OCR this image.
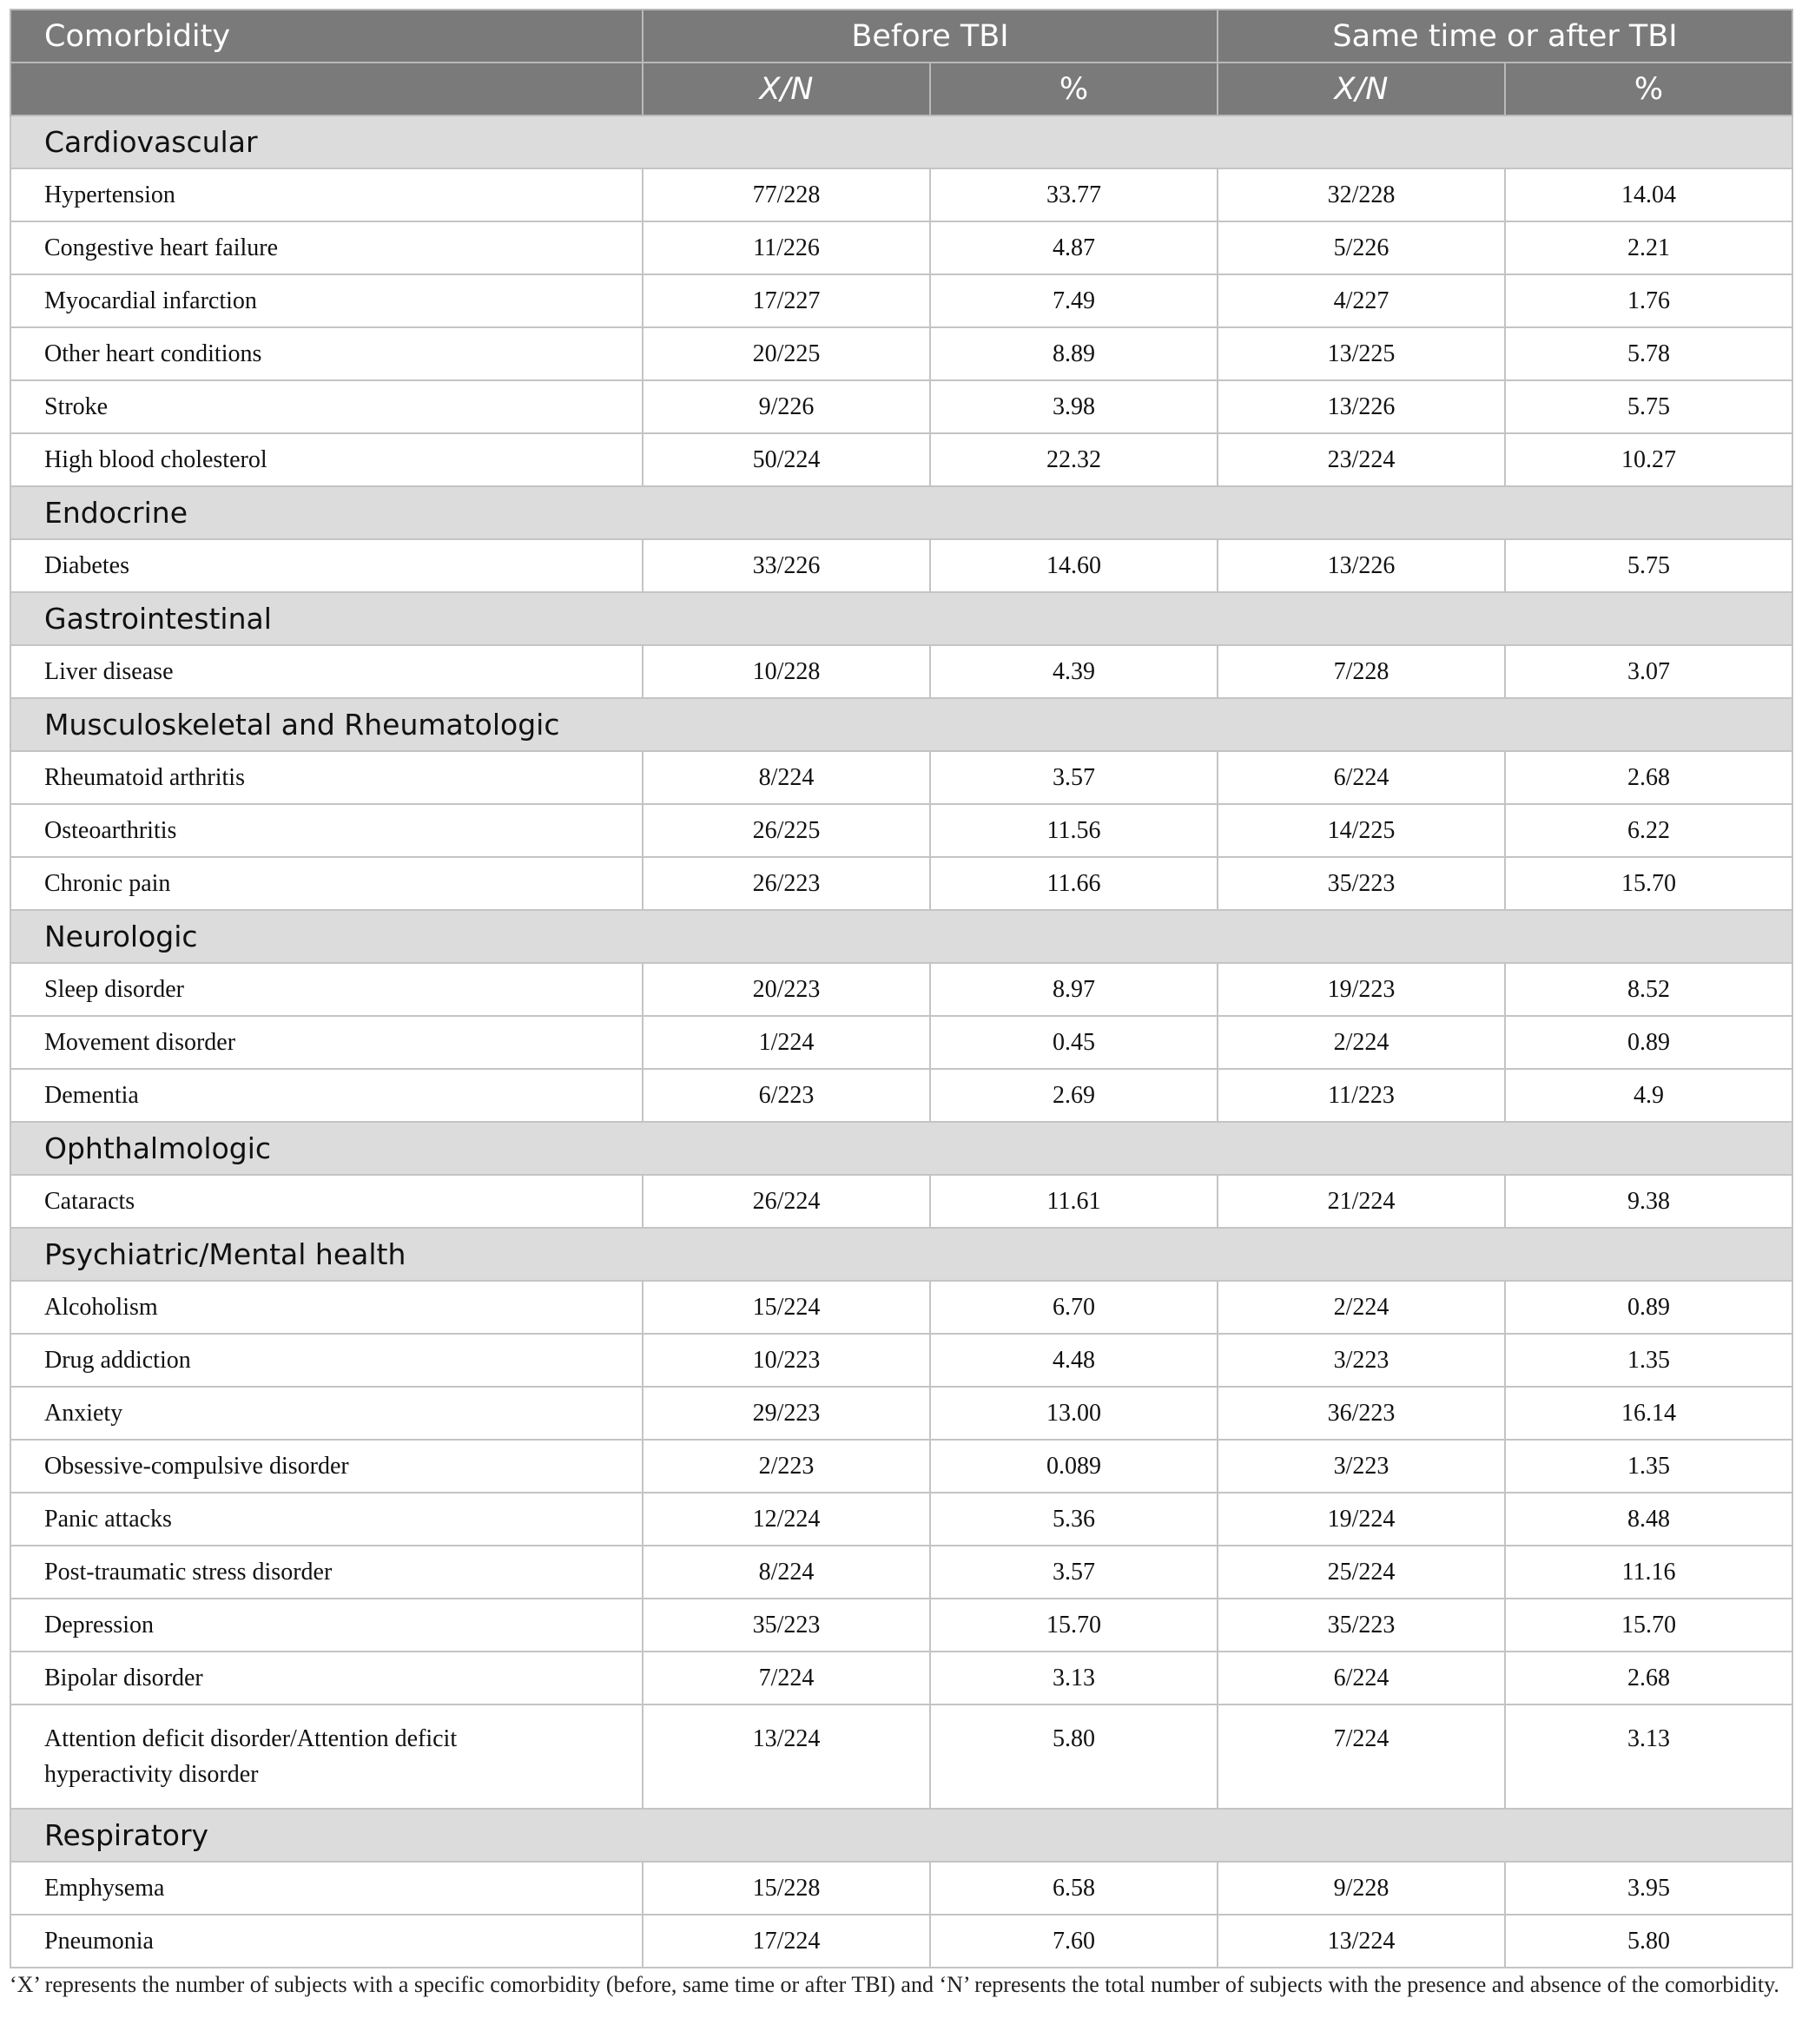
Comorbidity	Before TBI		Same time or after TBI	
	X/N	%	X/N	%
Cardiovascular				
Hypertension	77/228	33.77	32/228	14.04
Congestive heart failure	11/226	4.87	5/226	2.21
Myocardial infarction	17/227	7.49	4/227	1.76
Other heart conditions	20/225	8.89	13/225	5.78
Stroke	9/226	3.98	13/226	5.75
High blood cholesterol	50/224	22.32	23/224	10.27
Endocrine				
Diabetes	33/226	14.60	13/226	5.75
Gastrointestinal				
Liver disease	10/228	4.39	7/228	3.07
Musculoskeletal and Rheumatologic				
Rheumatoid arthritis	8/224	3.57	6/224	2.68
Osteoarthritis	26/225	11.56	14/225	6.22
Chronic pain	26/223	11.66	35/223	15.70
Neurologic				
Sleep disorder	20/223	8.97	19/223	8.52
Movement disorder	1/224	0.45	2/224	0.89
Dementia	6/223	2.69	11/223	4.9
Ophthalmologic				
Cataracts	26/224	11.61	21/224	9.38
Psychiatric/Mental health				
Alcoholism	15/224	6.70	2/224	0.89
Drug addiction	10/223	4.48	3/223	1.35
Anxiety	29/223	13.00	36/223	16.14
Obsessive-compulsive disorder	2/223	0.089	3/223	1.35
Panic attacks	12/224	5.36	19/224	8.48
Post-traumatic stress disorder	8/224	3.57	25/224	11.16
Depression	35/223	15.70	35/223	15.70
Bipolar disorder	7/224	3.13	6/224	2.68
Attention deficit disorder/Attention deficit hyperactivity disorder	13/224	5.80	7/224	3.13
Respiratory				
Emphysema	15/228	6.58	9/228	3.95
Pneumonia	17/224	7.60	13/224	5.80
‘X’ represents the number of subjects with a specific comorbidity (before, same time or after TBI) and ‘N’ represents the total number of subjects with the presence and absence of the comorbidity.
